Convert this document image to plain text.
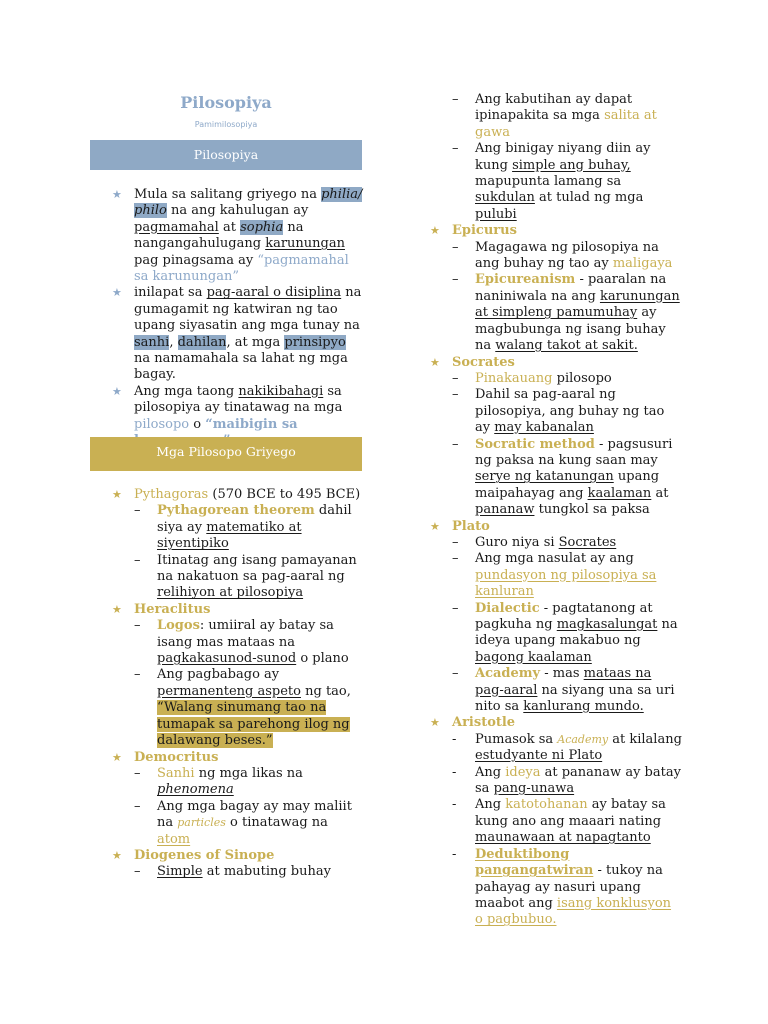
Pilosopiya
Pamimilosopiya
Pilosopiya
★ Mula sa salitang griyego na philia/ philo na ang kahulugan ay pagmamahal at sophia na nangangahulugang karunungan pag pinagsama ay “pagmamahal sa karunungan”
★ inilapat sa pag-aaral o disiplina na gumagamit ng katwiran ng tao upang siyasatin ang mga tunay na sanhi, dahilan, at mga prinsipyo na namamahala sa lahat ng mga bagay.
★ Ang mga taong nakikibahagi sa pilosopiya ay tinatawag na mga pilosopo o “maibigin sa
Mga Pilosopo Griyego
★ Pythagoras (570 BCE to 495 BCE)
– Pythagorean theorem dahil siya ay matematiko at siyentipiko
– Itinatag ang isang pamayanan na nakatuon sa pag-aaral ng relihiyon at pilosopiya
★ Heraclitus
– Logos: umiiral ay batay sa isang mas mataas na pagkakasunod-sunod o plano
– Ang pagbabago ay permanenteng aspeto ng tao, “Walang sinumang tao na tumapak sa parehong ilog ng dalawang beses.”
★ Democritus
– Sanhi ng mga likas na phenomena
– Ang mga bagay ay may maliit na particles o tinatawag na atom
★ Diogenes of Sinope
– Simple at mabuting buhay
– Ang kabutihan ay dapat ipinapakita sa mga salita at gawa
– Ang binigay niyang diin ay kung simple ang buhay, mapupunta lamang sa sukdulan at tulad ng mga pulubi
★ Epicurus
– Magagawa ng pilosopiya na ang buhay ng tao ay maligaya
– Epicureanism - paaralan na naniniwala na ang karunungan at simpleng pamumuhay ay magbubunga ng isang buhay na walang takot at sakit.
★ Socrates
– Pinakauang pilosopo
– Dahil sa pag-aaral ng pilosopiya, ang buhay ng tao ay may kabanalan
– Socratic method - pagsusuri ng paksa na kung saan may serye ng katanungan upang maipahayag ang kaalaman at pananaw tungkol sa paksa
★ Plato
– Guro niya si Socrates
– Ang mga nasulat ay ang pundasyon ng pilosopiya sa kanluran
– Dialectic - pagtatanong at pagkuha ng magkasalungat na ideya upang makabuo ng bagong kaalaman
– Academy - mas mataas na pag-aaral na siyang una sa uri nito sa kanlurang mundo.
★ Aristotle
- Pumasok sa Academy at kilalang estudyante ni Plato
- Ang ideya at pananaw ay batay sa pang-unawa
- Ang katotohanan ay batay sa kung ano ang maaari nating maunawaan at napagtanto
- Deduktibong pangangatwiran - tukoy na pahayag ay nasuri upang maabot ang isang konklusyon o pagbubuo.
